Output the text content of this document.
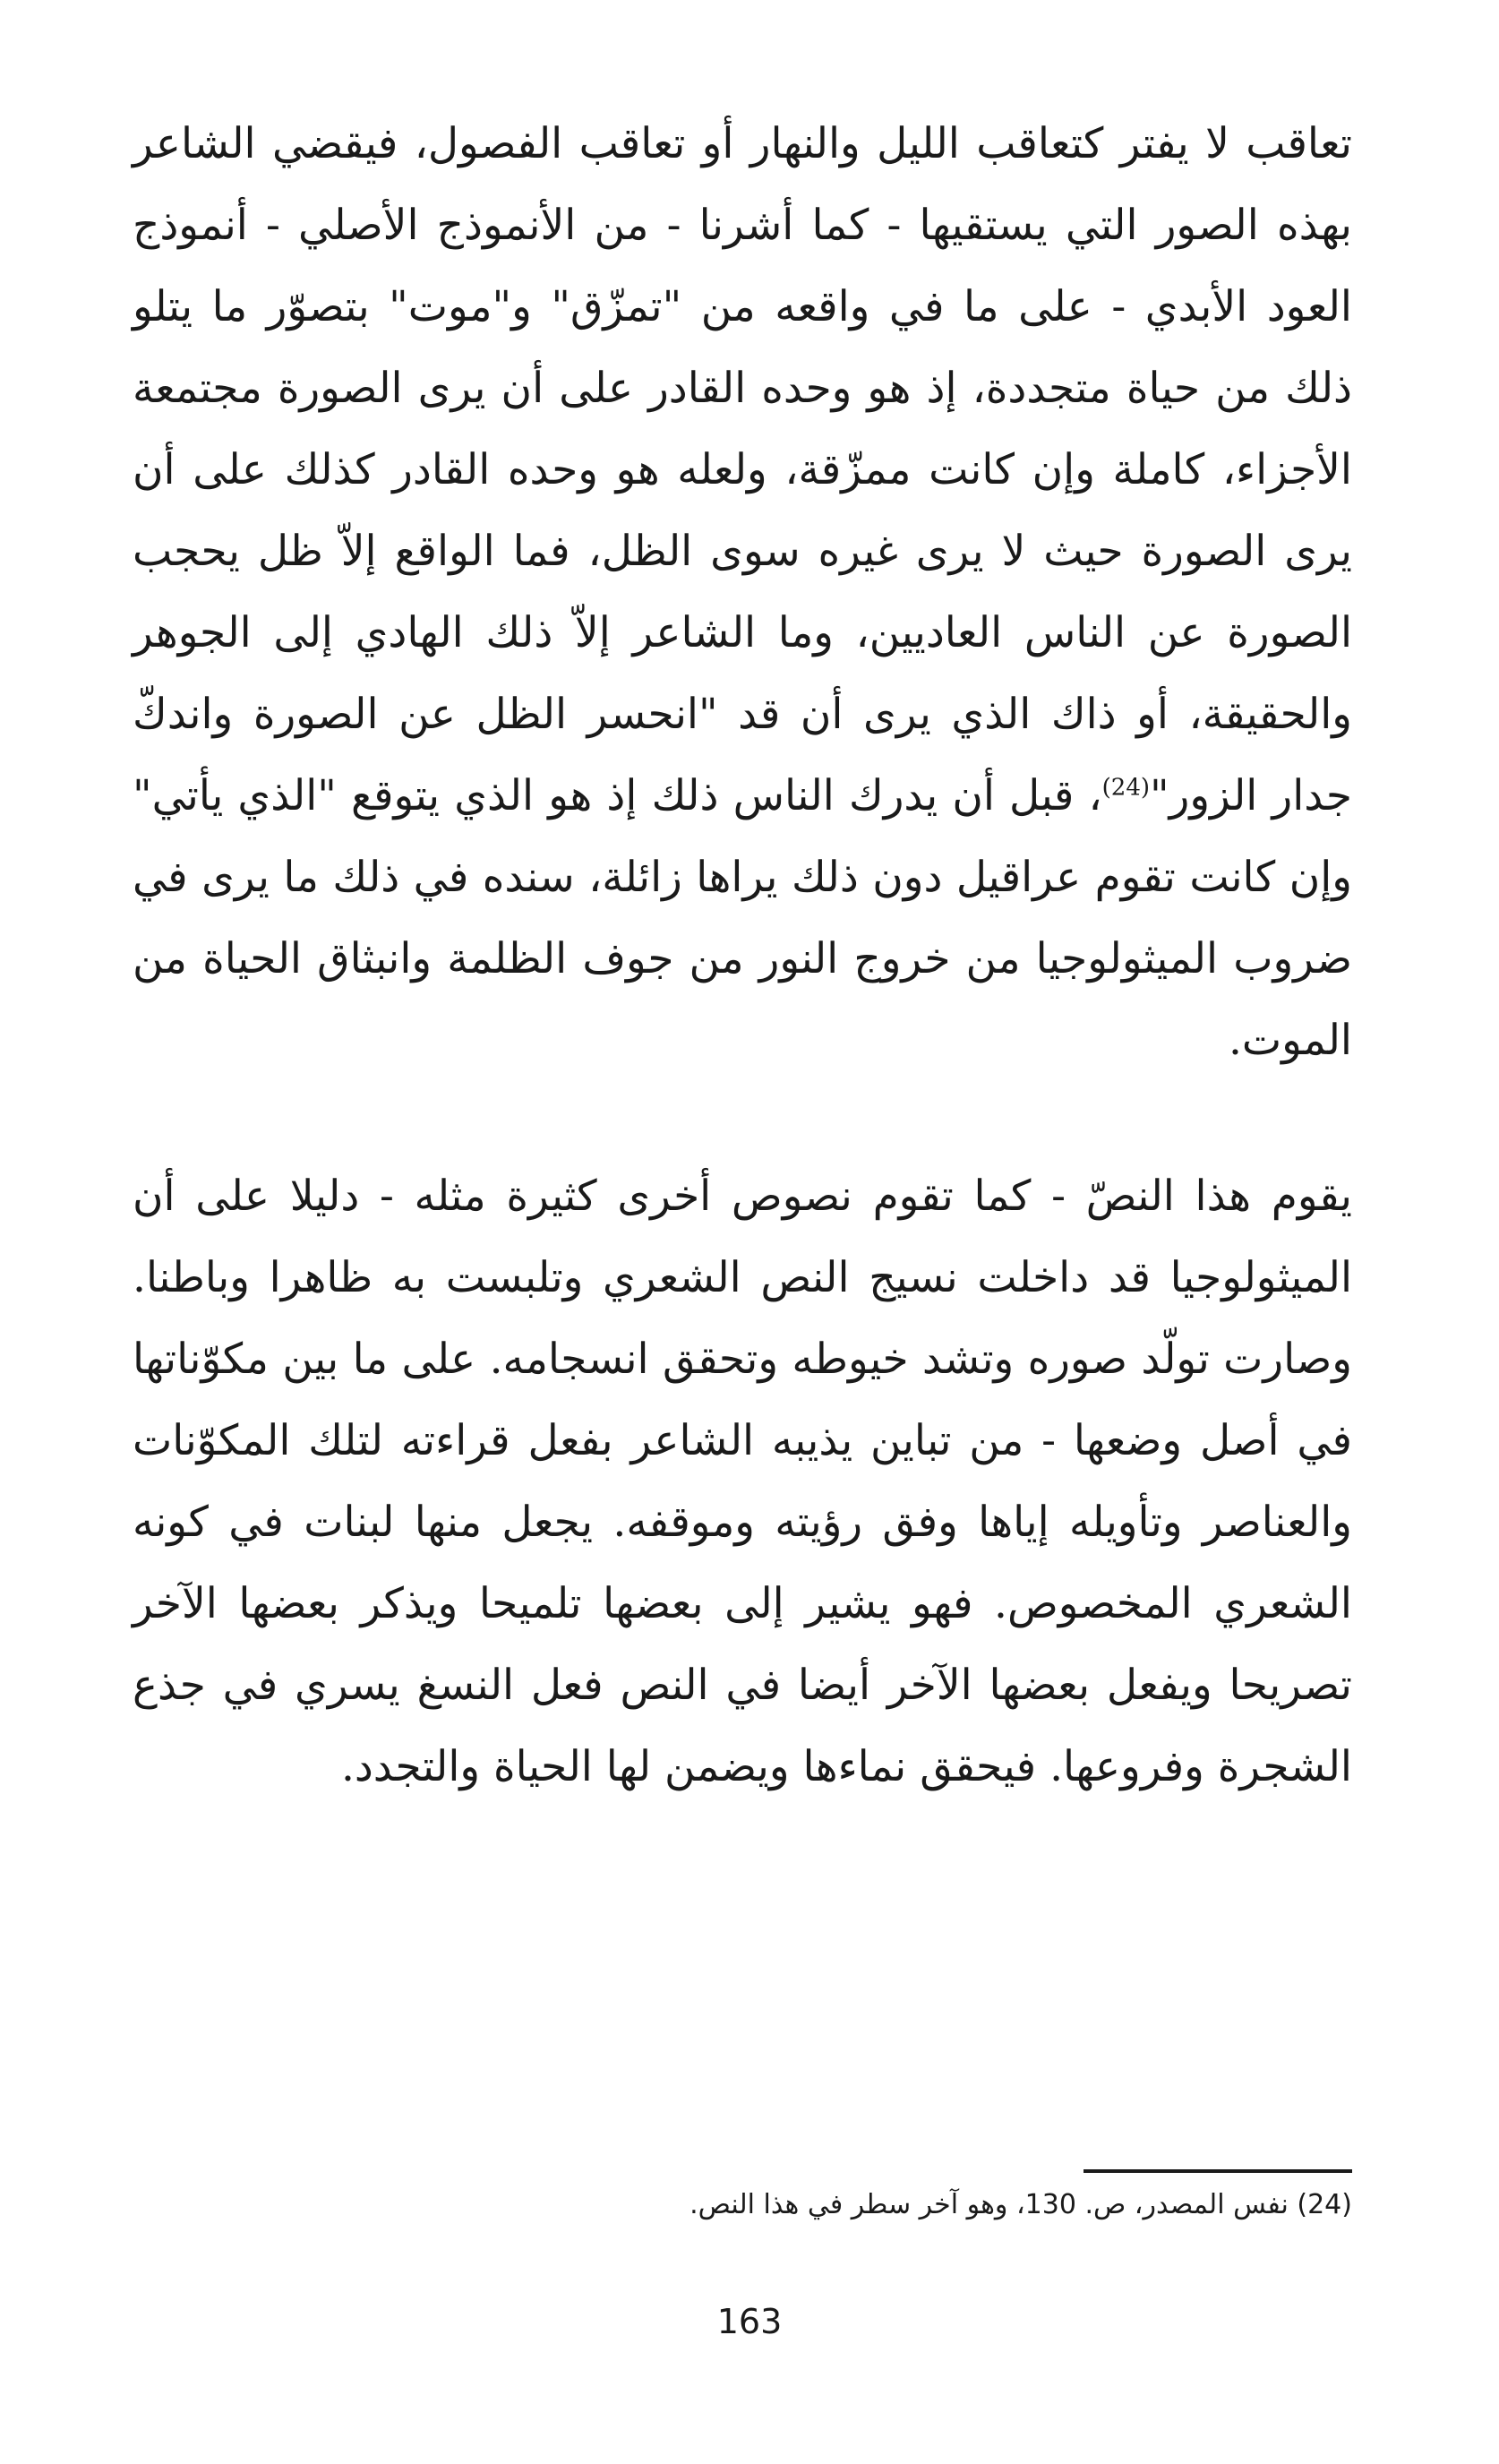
تعاقب لا يفتر كتعاقب الليل والنهار أو تعاقب الفصول، فيقضي الشاعر بهذه الصور التي يستقيها - كما أشرنا - من الأنموذج الأصلي - أنموذج العود الأبدي - على ما في واقعه من "تمزّق" و"موت" بتصوّر ما يتلو ذلك من حياة متجددة، إذ هو وحده القادر على أن يرى الصورة مجتمعة الأجزاء، كاملة وإن كانت ممزّقة، ولعله هو وحده القادر كذلك على أن يرى الصورة حيث لا يرى غيره سوى الظل، فما الواقع إلاّ ظل يحجب الصورة عن الناس العاديين، وما الشاعر إلاّ ذلك الهادي إلى الجوهر والحقيقة، أو ذاك الذي يرى أن قد "انحسر الظل عن الصورة واندكّ جدار الزور"$^{(24)}$، قبل أن يدرك الناس ذلك إذ هو الذي يتوقع "الذي يأتي" وإن كانت تقوم عراقيل دون ذلك يراها زائلة، سنده في ذلك ما يرى في ضروب الميثولوجيا من خروج النور من جوف الظلمة وانبثاق الحياة من الموت.

يقوم هذا النصّ - كما تقوم نصوص أخرى كثيرة مثله - دليلا على أن الميثولوجيا قد داخلت نسيج النص الشعري وتلبست به ظاهرا وباطنا. وصارت تولّد صوره وتشد خيوطه وتحقق انسجامه. على ما بين مكوّناتها في أصل وضعها - من تباين يذيبه الشاعر بفعل قراءته لتلك المكوّنات والعناصر وتأويله إياها وفق رؤيته وموقفه. يجعل منها لبنات في كونه الشعري المخصوص. فهو يشير إلى بعضها تلميحا ويذكر بعضها الآخر تصريحا ويفعل بعضها الآخر أيضا في النص فعل النسغ يسري في جذع الشجرة وفروعها. فيحقق نماءها ويضمن لها الحياة والتجدد.

(24) نفس المصدر، ص. 130، وهو آخر سطر في هذا النص.

163
